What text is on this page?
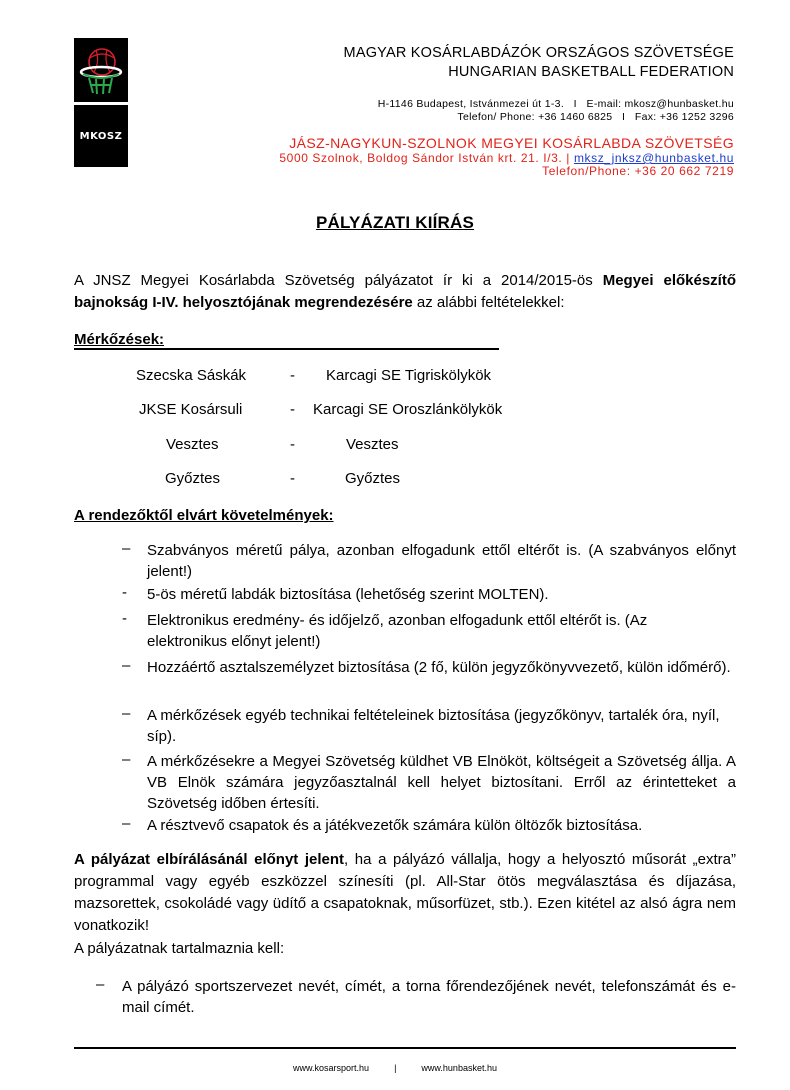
MKOSZ
MAGYAR KOSÁRLABDÁZÓK ORSZÁGOS SZÖVETSÉGE
HUNGARIAN BASKETBALL FEDERATION
H-1146 Budapest, Istvánmezei út 1-3.   I   E-mail: mkosz@hunbasket.hu
Telefon/ Phone: +36 1460 6825   I   Fax: +36 1252 3296
JÁSZ-NAGYKUN-SZOLNOK MEGYEI KOSÁRLABDA SZÖVETSÉG
5000 Szolnok, Boldog Sándor István krt. 21. I/3. | mksz_jnksz@hunbasket.hu
Telefon/Phone: +36 20 662 7219
PÁLYÁZATI KIÍRÁS
A JNSZ Megyei Kosárlabda Szövetség pályázatot ír ki a 2014/2015-ös Megyei előkészítő bajnokság I-IV. helyosztójának megrendezésére az alábbi feltételekkel:
Mérkőzések:
Szecska Sáskák	- Karcagi SE Tigriskölykök
JKSE Kosársuli	- Karcagi SE Oroszlánkölykök
Vesztes	-	Vesztes
Győztes	-	Győztes
A rendezőktől elvárt követelmények:
– Szabványos méretű pálya, azonban elfogadunk ettől eltérőt is. (A szabványos előnyt jelent!)
- 5-ös méretű labdák biztosítása (lehetőség szerint MOLTEN).
- Elektronikus eredmény- és időjelző, azonban elfogadunk ettől eltérőt is. (Az elektronikus előnyt jelent!)
– Hozzáértő asztalszemélyzet biztosítása (2 fő, külön jegyzőkönyvvezető, külön időmérő).
– A mérkőzések egyéb technikai feltételeinek biztosítása (jegyzőkönyv, tartalék óra, nyíl, síp).
– A mérkőzésekre a Megyei Szövetség küldhet VB Elnököt, költségeit a Szövetség állja. A VB Elnök számára jegyzőasztalnál kell helyet biztosítani. Erről az érintetteket a Szövetség időben értesíti.
– A résztvevő csapatok és a játékvezetők számára külön öltözők biztosítása.
A pályázat elbírálásánál előnyt jelent, ha a pályázó vállalja, hogy a helyosztó műsorát „extra” programmal vagy egyéb eszközzel színesíti (pl. All-Star ötös megválasztása és díjazása, mazsorettek, csokoládé vagy üdítő a csapatoknak, műsorfüzet, stb.). Ezen kitétel az alsó ágra nem vonatkozik!
A pályázatnak tartalmaznia kell:
– A pályázó sportszervezet nevét, címét, a torna főrendezőjének nevét, telefonszámát és e-mail címét.
www.kosarsport.hu	|	www.hunbasket.hu
